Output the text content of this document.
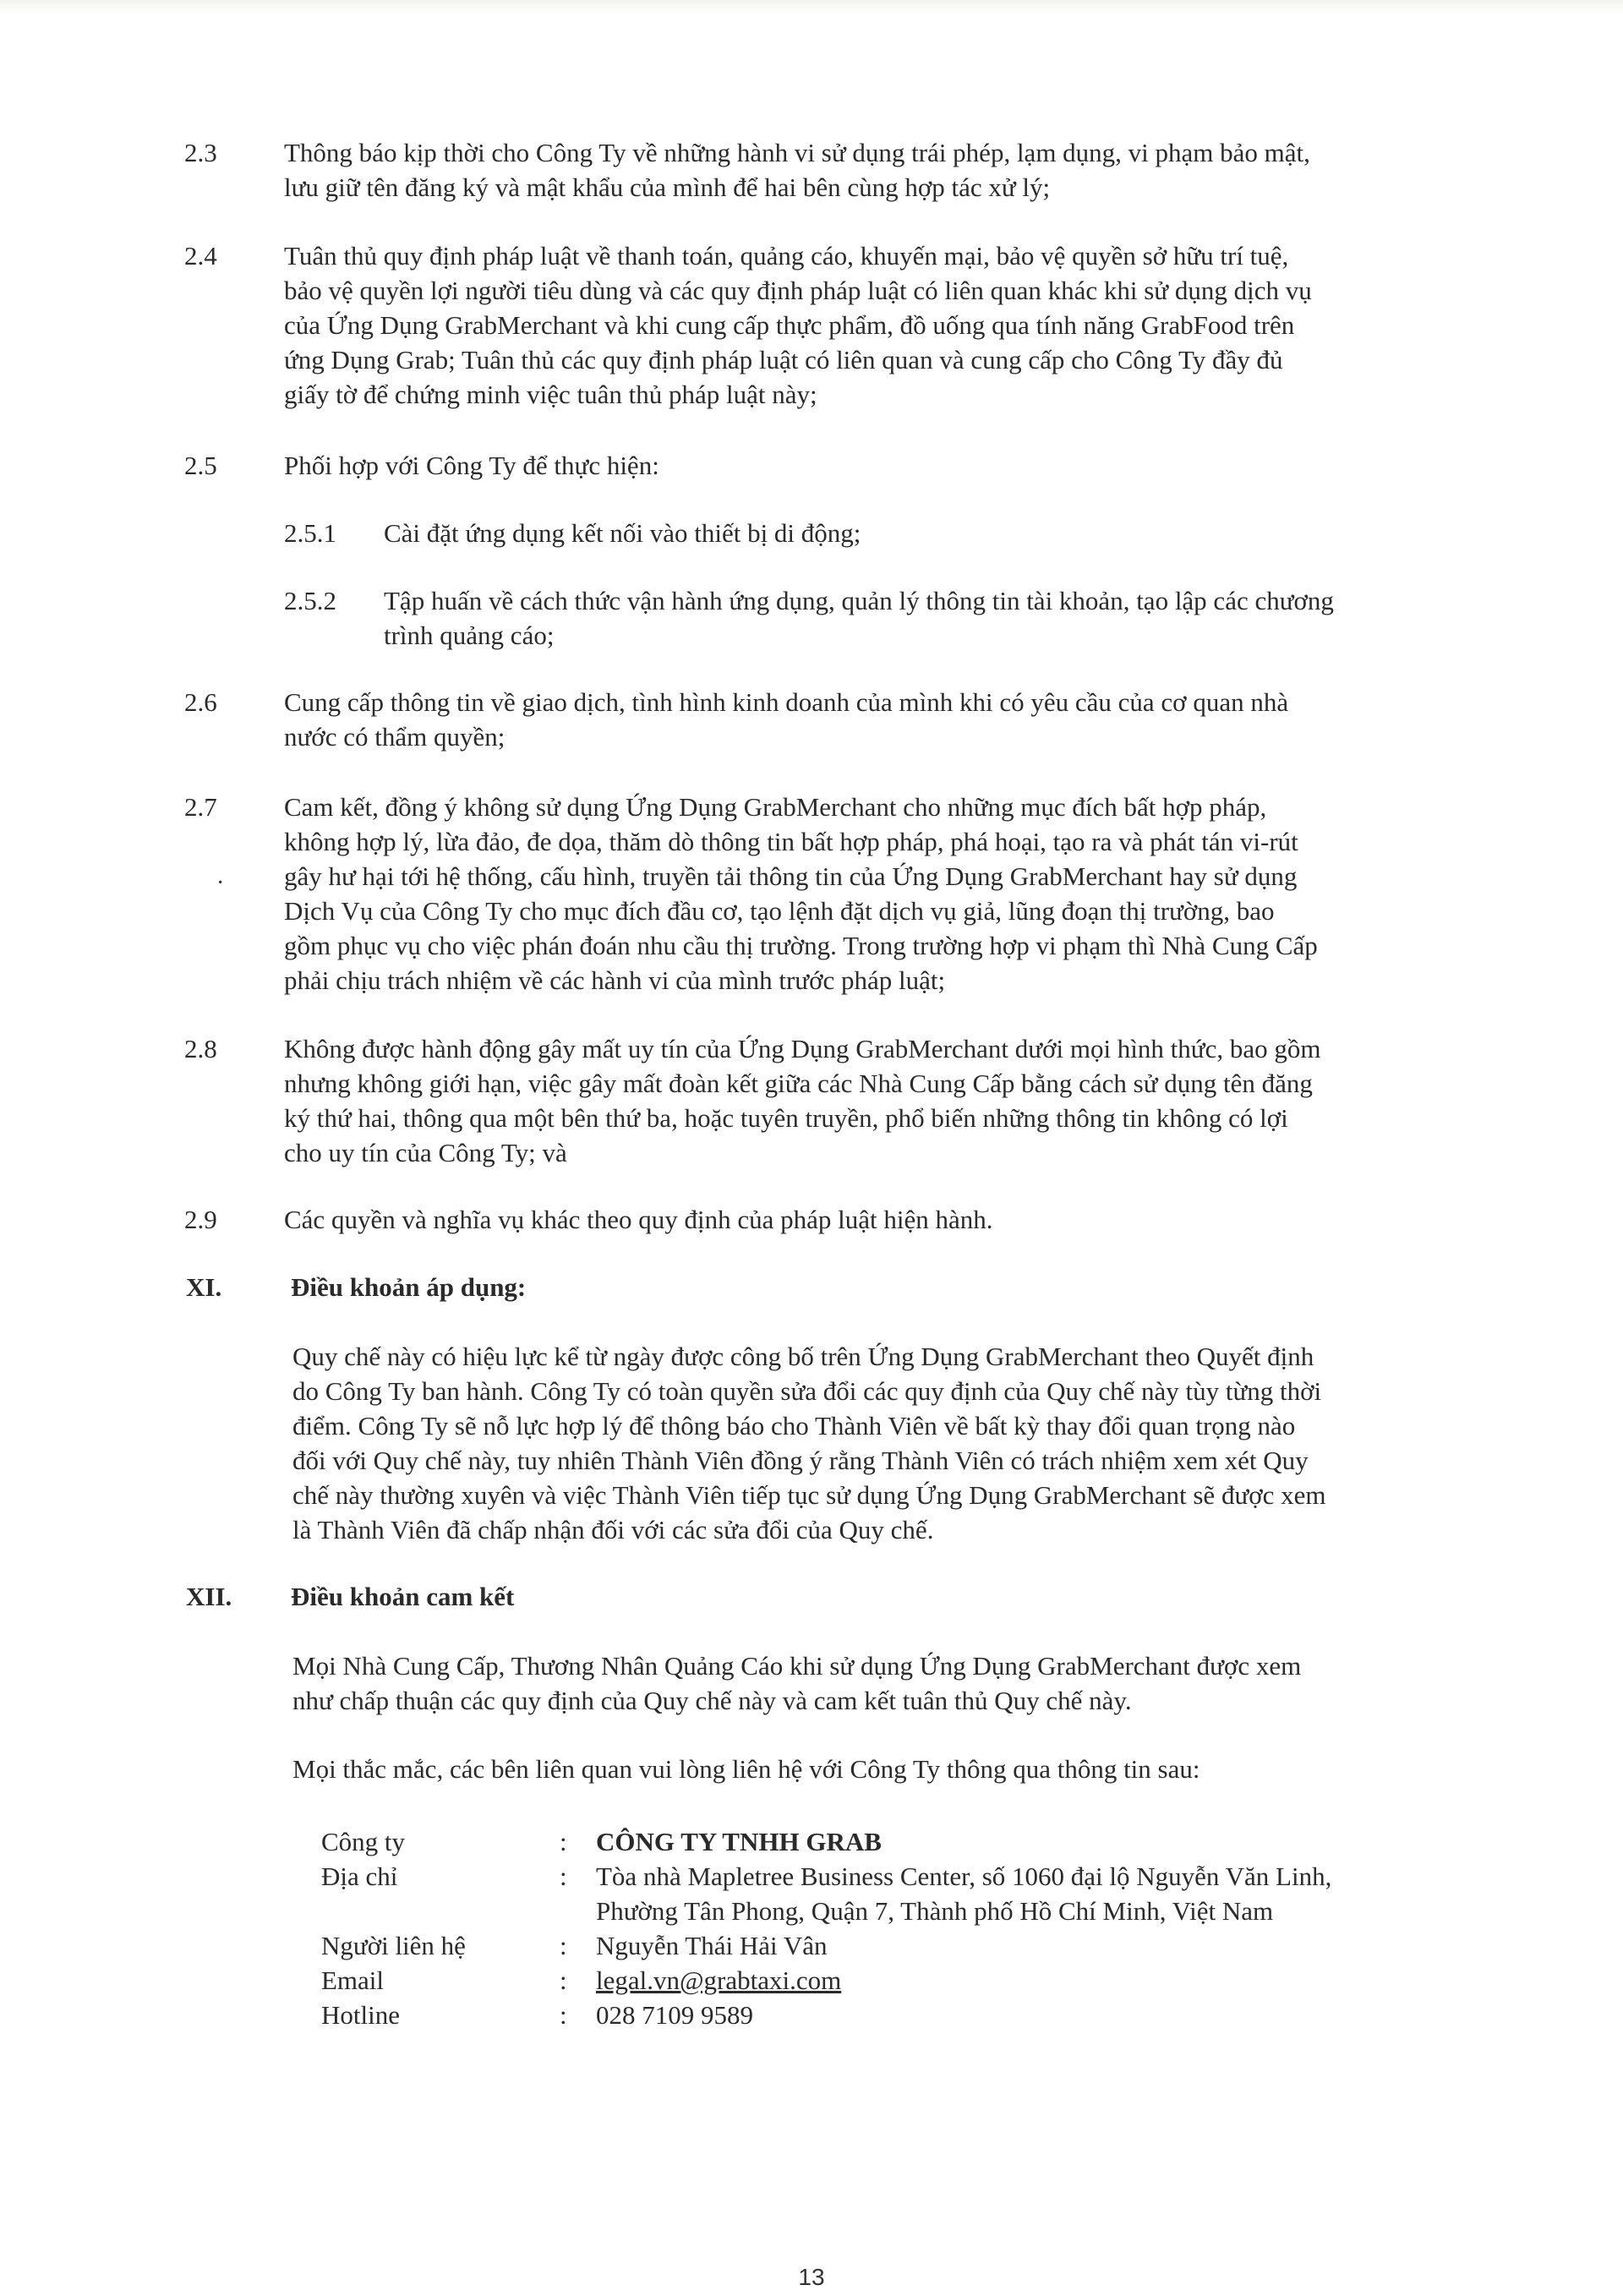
2.3	Thông báo kịp thời cho Công Ty về những hành vi sử dụng trái phép, lạm dụng, vi phạm bảo mật,
lưu giữ tên đăng ký và mật khẩu của mình để hai bên cùng hợp tác xử lý;
2.4	Tuân thủ quy định pháp luật về thanh toán, quảng cáo, khuyến mại, bảo vệ quyền sở hữu trí tuệ,
bảo vệ quyền lợi người tiêu dùng và các quy định pháp luật có liên quan khác khi sử dụng dịch vụ
của Ứng Dụng GrabMerchant và khi cung cấp thực phẩm, đồ uống qua tính năng GrabFood trên
ứng Dụng Grab; Tuân thủ các quy định pháp luật có liên quan và cung cấp cho Công Ty đầy đủ
giấy tờ để chứng minh việc tuân thủ pháp luật này;
2.5	Phối hợp với Công Ty để thực hiện:
2.5.1 Cài đặt ứng dụng kết nối vào thiết bị di động;
2.5.2 Tập huấn về cách thức vận hành ứng dụng, quản lý thông tin tài khoản, tạo lập các chương
trình quảng cáo;
2.6	Cung cấp thông tin về giao dịch, tình hình kinh doanh của mình khi có yêu cầu của cơ quan nhà
nước có thẩm quyền;
2.7
·
Cam kết, đồng ý không sử dụng Ứng Dụng GrabMerchant cho những mục đích bất hợp pháp,
không hợp lý, lừa đảo, đe dọa, thăm dò thông tin bất hợp pháp, phá hoại, tạo ra và phát tán vi-rút
gây hư hại tới hệ thống, cấu hình, truyền tải thông tin của Ứng Dụng GrabMerchant hay sử dụng
Dịch Vụ của Công Ty cho mục đích đầu cơ, tạo lệnh đặt dịch vụ giả, lũng đoạn thị trường, bao
gồm phục vụ cho việc phán đoán nhu cầu thị trường. Trong trường hợp vi phạm thì Nhà Cung Cấp
phải chịu trách nhiệm về các hành vi của mình trước pháp luật;
2.8	Không được hành động gây mất uy tín của Ứng Dụng GrabMerchant dưới mọi hình thức, bao gồm
nhưng không giới hạn, việc gây mất đoàn kết giữa các Nhà Cung Cấp bằng cách sử dụng tên đăng
ký thứ hai, thông qua một bên thứ ba, hoặc tuyên truyền, phổ biến những thông tin không có lợi
cho uy tín của Công Ty; và
2.9	Các quyền và nghĩa vụ khác theo quy định của pháp luật hiện hành.
XI.	Điều khoản áp dụng:
Quy chế này có hiệu lực kể từ ngày được công bố trên Ứng Dụng GrabMerchant theo Quyết định
do Công Ty ban hành. Công Ty có toàn quyền sửa đổi các quy định của Quy chế này tùy từng thời
điểm. Công Ty sẽ nỗ lực hợp lý để thông báo cho Thành Viên về bất kỳ thay đổi quan trọng nào
đối với Quy chế này, tuy nhiên Thành Viên đồng ý rằng Thành Viên có trách nhiệm xem xét Quy
chế này thường xuyên và việc Thành Viên tiếp tục sử dụng Ứng Dụng GrabMerchant sẽ được xem
là Thành Viên đã chấp nhận đối với các sửa đổi của Quy chế.
XII. Điều khoản cam kết
Mọi Nhà Cung Cấp, Thương Nhân Quảng Cáo khi sử dụng Ứng Dụng GrabMerchant được xem
như chấp thuận các quy định của Quy chế này và cam kết tuân thủ Quy chế này.
Mọi thắc mắc, các bên liên quan vui lòng liên hệ với Công Ty thông qua thông tin sau:
Công ty	: CÔNG TY TNHH GRAB
Địa chỉ	: Tòa nhà Mapletree Business Center, số 1060 đại lộ Nguyễn Văn Linh,
Phường Tân Phong, Quận 7, Thành phố Hồ Chí Minh, Việt Nam
Người liên hệ	: Nguyễn Thái Hải Vân
Email	: legal.vn@grabtaxi.com
Hotline	: 028 7109 9589
13
